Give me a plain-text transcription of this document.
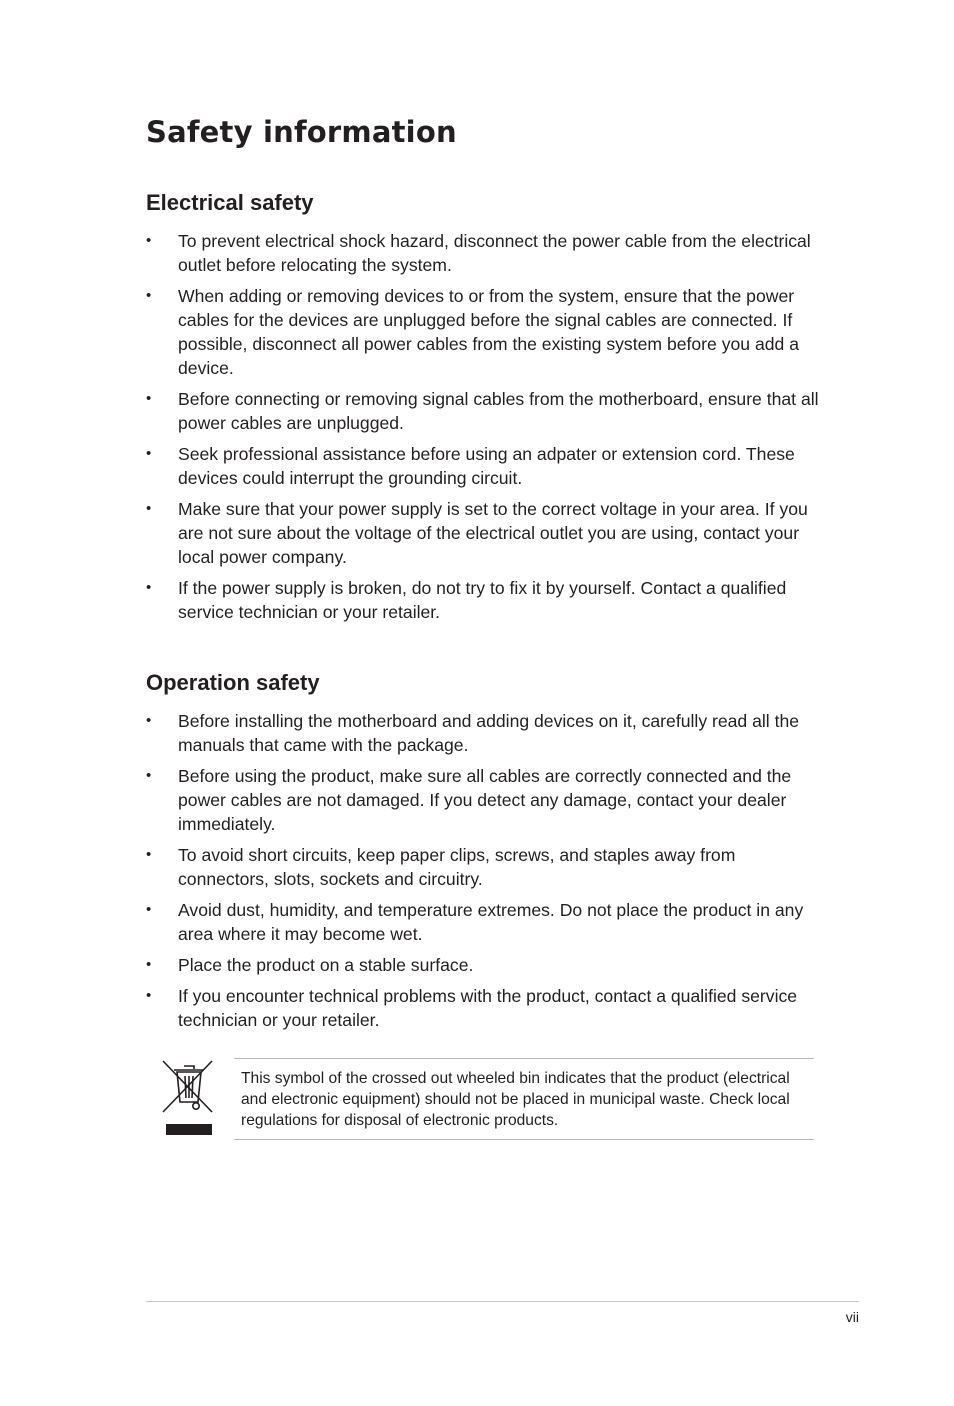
Safety information
Electrical safety
•	To prevent electrical shock hazard, disconnect the power cable from the electrical outlet before relocating the system.
•	When adding or removing devices to or from the system, ensure that the power cables for the devices are unplugged before the signal cables are connected. If possible, disconnect all power cables from the existing system before you add a device.
•	Before connecting or removing signal cables from the motherboard, ensure that all power cables are unplugged.
•	Seek professional assistance before using an adpater or extension cord. These devices could interrupt the grounding circuit.
•	Make sure that your power supply is set to the correct voltage in your area. If you are not sure about the voltage of the electrical outlet you are using, contact your local power company.
•	If the power supply is broken, do not try to fix it by yourself. Contact a qualified service technician or your retailer.
Operation safety
•	Before installing the motherboard and adding devices on it, carefully read all the manuals that came with the package.
•	Before using the product, make sure all cables are correctly connected and the power cables are not damaged. If you detect any damage, contact your dealer immediately.
•	To avoid short circuits, keep paper clips, screws, and staples away from connectors, slots, sockets and circuitry.
•	Avoid dust, humidity, and temperature extremes. Do not place the product in any area where it may become wet.
•	Place the product on a stable surface.
•	If you encounter technical problems with the product, contact a qualified service technician or your retailer.

This symbol of the crossed out wheeled bin indicates that the product (electrical and electronic equipment) should not be placed in municipal waste. Check local regulations for disposal of electronic products.

vii
